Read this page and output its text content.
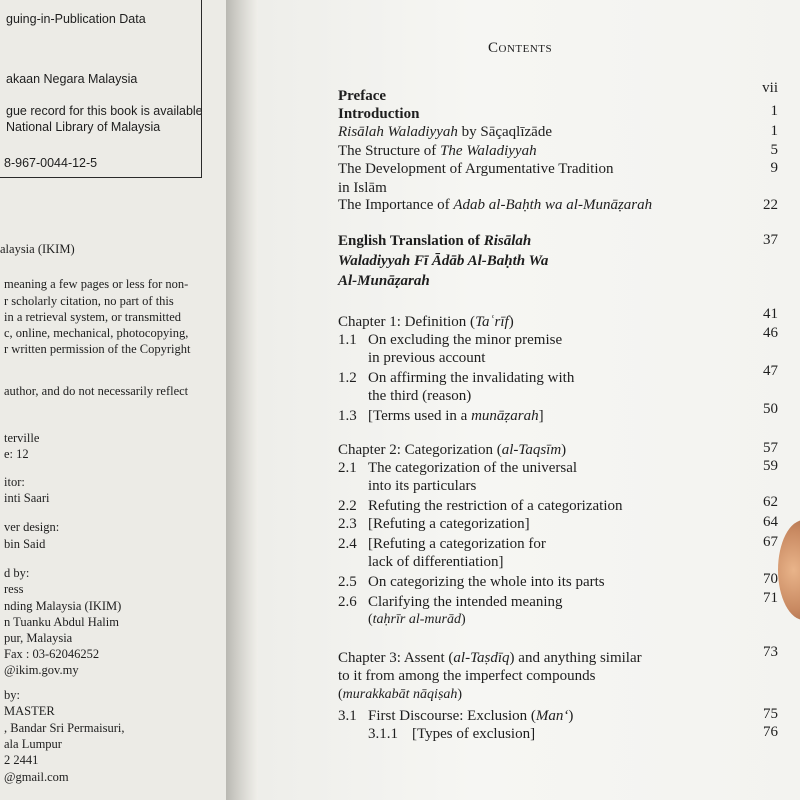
guing-in-Publication Data
akaan Negara Malaysia
gue record for this book is available
National Library of Malaysia
8-967-0044-12-5
alaysia (IKIM)
meaning a few pages or less for non-
r scholarly citation, no part of this
in a retrieval system, or transmitted
c, online, mechanical, photocopying,
r written permission of the Copyright
author, and do not necessarily reflect
terville
e: 12
itor:
inti Saari
ver design:
bin Said
d by:
ress
nding Malaysia (IKIM)
n Tuanku Abdul Halim
pur, Malaysia
Fax : 03-62046252
@ikim.gov.my
by:
MASTER
, Bandar Sri Permaisuri,
ala Lumpur
2 2441
@gmail.com
Contents
Preface	vii
Introduction	1
Risālah Waladiyyah by Sāçaqlīzāde	1
The Structure of The Waladiyyah	5
The Development of Argumentative Tradition	9
in Islām
The Importance of Adab al-Baḥth wa al-Munāẓarah	22
English Translation of Risālah	37
Waladiyyah Fī Ādāb Al-Baḥth Wa
Al-Munāẓarah
Chapter 1: Definition (Taʿrīf)	41
1.1 On excluding the minor premise	46
in previous account
1.2 On affirming the invalidating with	47
the third (reason)
1.3 [Terms used in a munāẓarah]	50
Chapter 2: Categorization (al-Taqsīm)	57
2.1 The categorization of the universal	59
into its particulars
2.2 Refuting the restriction of a categorization	62
2.3 [Refuting a categorization]	64
2.4 [Refuting a categorization for	67
lack of differentiation]
2.5 On categorizing the whole into its parts	70
2.6 Clarifying the intended meaning	71
(taḥrīr al-murād)
Chapter 3: Assent (al-Taṣdīq) and anything similar	73
to it from among the imperfect compounds
(murakkabāt nāqiṣah)
3.1 First Discourse: Exclusion (Man‘)	75
3.1.1 [Types of exclusion]	76
